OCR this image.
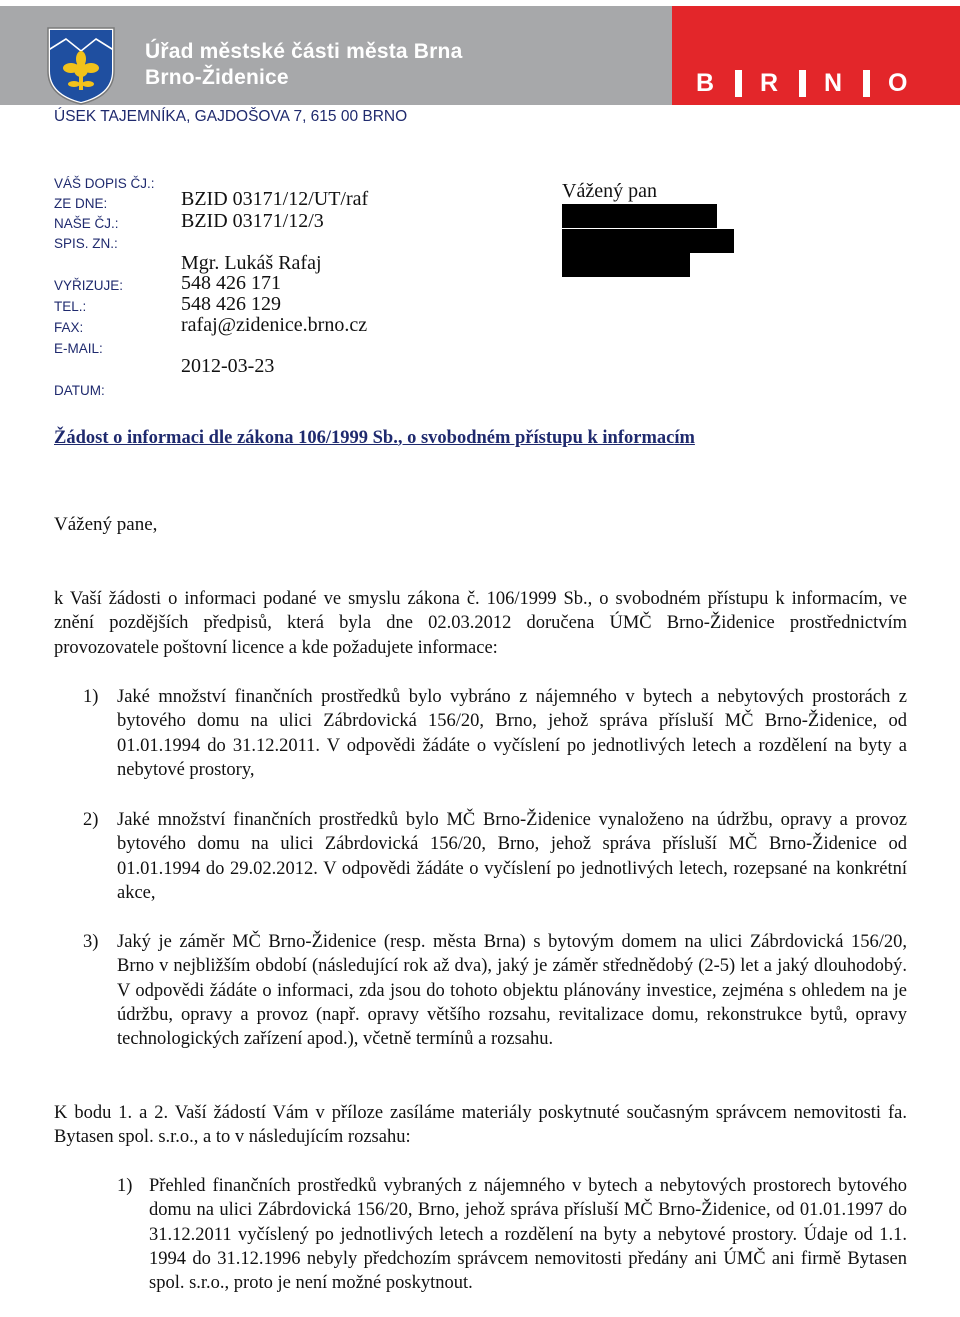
Úřad městské části města Brna
Brno-Židenice	B R N O
ÚSEK TAJEMNÍKA, GAJDOŠOVA 7, 615 00 BRNO
VÁŠ DOPIS ČJ.:
ZE DNE:
NAŠE ČJ.:
SPIS. ZN.:
VYŘIZUJE:
TEL.:
FAX:
E-MAIL:
DATUM:
BZID 03171/12/UT/raf
BZID 03171/12/3
Mgr. Lukáš Rafaj
548 426 171
548 426 129
rafaj@zidenice.brno.cz
2012-03-23
Vážený pan
Žádost o informaci dle zákona 106/1999 Sb., o svobodném přístupu k informacím
Vážený pane,
k Vaší žádosti o informaci podané ve smyslu zákona č. 106/1999 Sb., o svobodném přístupu k informacím, ve znění pozdějších předpisů, která byla dne 02.03.2012 doručena ÚMČ Brno-Židenice prostřednictvím provozovatele poštovní licence a kde požadujete informace:
1) Jaké množství finančních prostředků bylo vybráno z nájemného v bytech a nebytových prostorách z bytového domu na ulici Zábrdovická 156/20, Brno, jehož správa přísluší MČ Brno-Židenice, od 01.01.1994 do 31.12.2011. V odpovědi žádáte o vyčíslení po jednotlivých letech a rozdělení na byty a nebytové prostory,
2) Jaké množství finančních prostředků bylo MČ Brno-Židenice vynaloženo na údržbu, opravy a provoz bytového domu na ulici Zábrdovická 156/20, Brno, jehož správa přísluší MČ Brno-Židenice od 01.01.1994 do 29.02.2012. V odpovědi žádáte o vyčíslení po jednotlivých letech, rozepsané na konkrétní akce,
3) Jaký je záměr MČ Brno-Židenice (resp. města Brna) s bytovým domem na ulici Zábrdovická 156/20, Brno v nejbližším období (následující rok až dva), jaký je záměr střednědobý (2-5) let a jaký dlouhodobý. V odpovědi žádáte o informaci, zda jsou do tohoto objektu plánovány investice, zejména s ohledem na je údržbu, opravy a provoz (např. opravy většího rozsahu, revitalizace domu, rekonstrukce bytů, opravy technologických zařízení apod.), včetně termínů a rozsahu.
K bodu 1. a 2. Vaší žádostí Vám v příloze zasíláme materiály poskytnuté současným správcem nemovitosti fa. Bytasen spol. s.r.o., a to v následujícím rozsahu:
1) Přehled finančních prostředků vybraných z nájemného v bytech a nebytových prostorech bytového domu na ulici Zábrdovická 156/20, Brno, jehož správa přísluší MČ Brno-Židenice, od 01.01.1997 do 31.12.2011 vyčíslený po jednotlivých letech a rozdělení na byty a nebytové prostory. Údaje od 1.1. 1994 do 31.12.1996 nebyly předchozím správcem nemovitosti předány ani ÚMČ ani firmě Bytasen spol. s.r.o., proto je není možné poskytnout.
